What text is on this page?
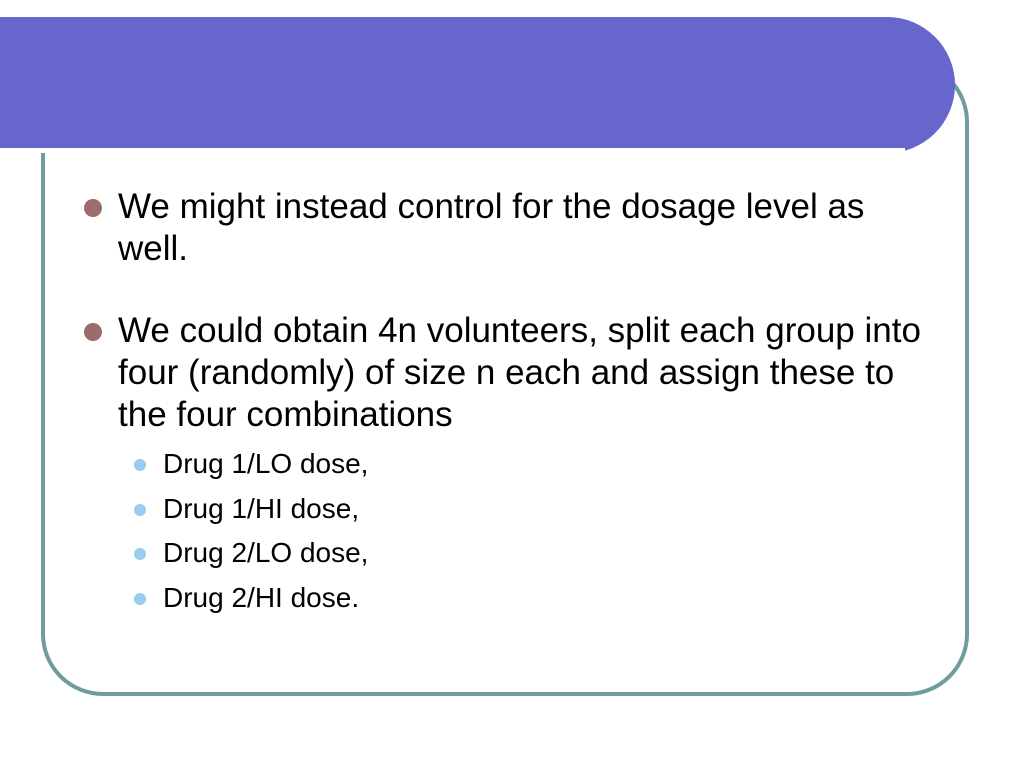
We might instead control for the dosage level as well.
We could obtain 4n volunteers, split each group into four (randomly) of size n each and assign these to the four combinations
Drug 1/LO dose,
Drug 1/HI dose,
Drug 2/LO dose,
Drug 2/HI dose.
